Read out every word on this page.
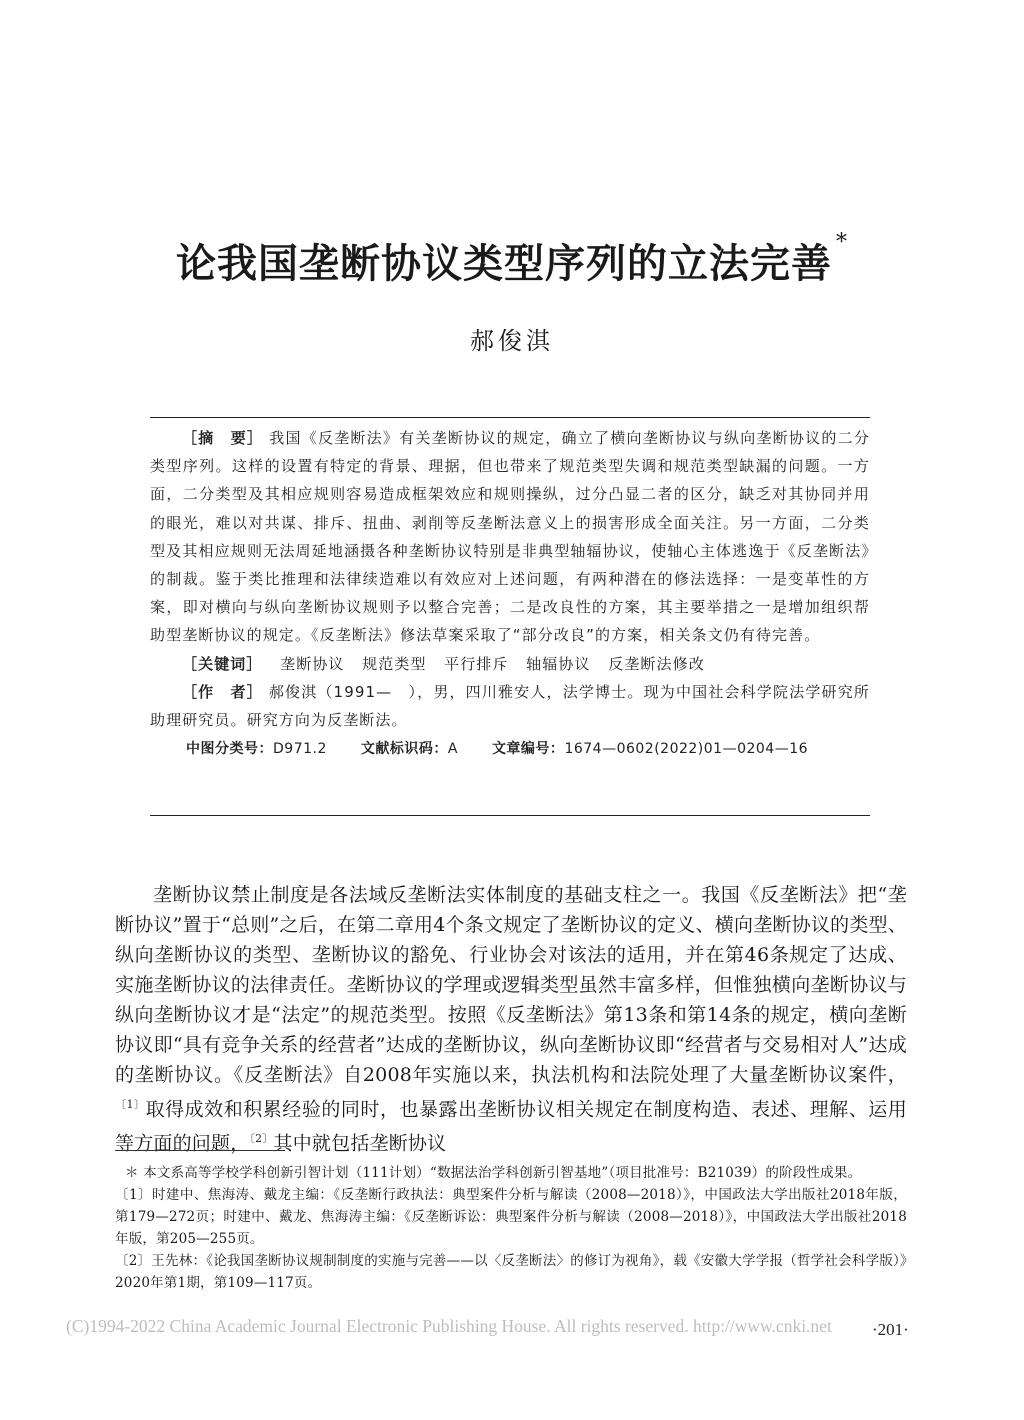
论我国垄断协议类型序列的立法完善 *
郝俊淇

［摘　要］ 我国《反垄断法》有关垄断协议的规定，确立了横向垄断协议与纵向垄断协议的二分类型序列。这样的设置有特定的背景、理据，但也带来了规范类型失调和规范类型缺漏的问题。一方面，二分类型及其相应规则容易造成框架效应和规则操纵，过分凸显二者的区分，缺乏对其协同并用的眼光，难以对共谋、排斥、扭曲、剥削等反垄断法意义上的损害形成全面关注。另一方面，二分类型及其相应规则无法周延地涵摄各种垄断协议特别是非典型轴辐协议，使轴心主体逃逸于《反垄断法》的制裁。鉴于类比推理和法律续造难以有效应对上述问题，有两种潜在的修法选择：一是变革性的方案，即对横向与纵向垄断协议规则予以整合完善；二是改良性的方案，其主要举措之一是增加组织帮助型垄断协议的规定。《反垄断法》修法草案采取了“部分改良”的方案，相关条文仍有待完善。

［关键词］ 垄断协议 规范类型 平行排斥 轴辐协议 反垄断法修改

［作　者］ 郝俊淇（1991—　），男，四川雅安人，法学博士。现为中国社会科学院法学研究所助理研究员。研究方向为反垄断法。

中图分类号：D971.2 文献标识码：A 文章编号：1674—0602(2022)01—0204—16

垄断协议禁止制度是各法域反垄断法实体制度的基础支柱之一。我国《反垄断法》把“垄断协议”置于“总则”之后，在第二章用4个条文规定了垄断协议的定义、横向垄断协议的类型、纵向垄断协议的类型、垄断协议的豁免、行业协会对该法的适用，并在第46条规定了达成、实施垄断协议的法律责任。垄断协议的学理或逻辑类型虽然丰富多样，但惟独横向垄断协议与纵向垄断协议才是“法定”的规范类型。按照《反垄断法》第13条和第14条的规定，横向垄断协议即“具有竞争关系的经营者”达成的垄断协议，纵向垄断协议即“经营者与交易相对人”达成的垄断协议。《反垄断法》自2008年实施以来，执法机构和法院处理了大量垄断协议案件，$^{〔1〕}$取得成效和积累经验的同时，也暴露出垄断协议相关规定在制度构造、表述、理解、运用等方面的问题，$^{〔2〕}$其中就包括垄断协议

＊ 本文系高等学校学科创新引智计划（111计划）“数据法治学科创新引智基地”（项目批准号：B21039）的阶段性成果。

〔1〕时建中、焦海涛、戴龙主编：《反垄断行政执法：典型案件分析与解读（2008—2018）》，中国政法大学出版社2018年版，第179—272页；时建中、戴龙、焦海涛主编：《反垄断诉讼：典型案件分析与解读（2008—2018）》，中国政法大学出版社2018年版，第205—255页。

〔2〕王先林：《论我国垄断协议规制制度的实施与完善——以〈反垄断法〉的修订为视角》，载《安徽大学学报（哲学社会科学版）》2020年第1期，第109—117页。

(C)1994-2022 China Academic Journal Electronic Publishing House. All rights reserved. http://www.cnki.net	·201·
